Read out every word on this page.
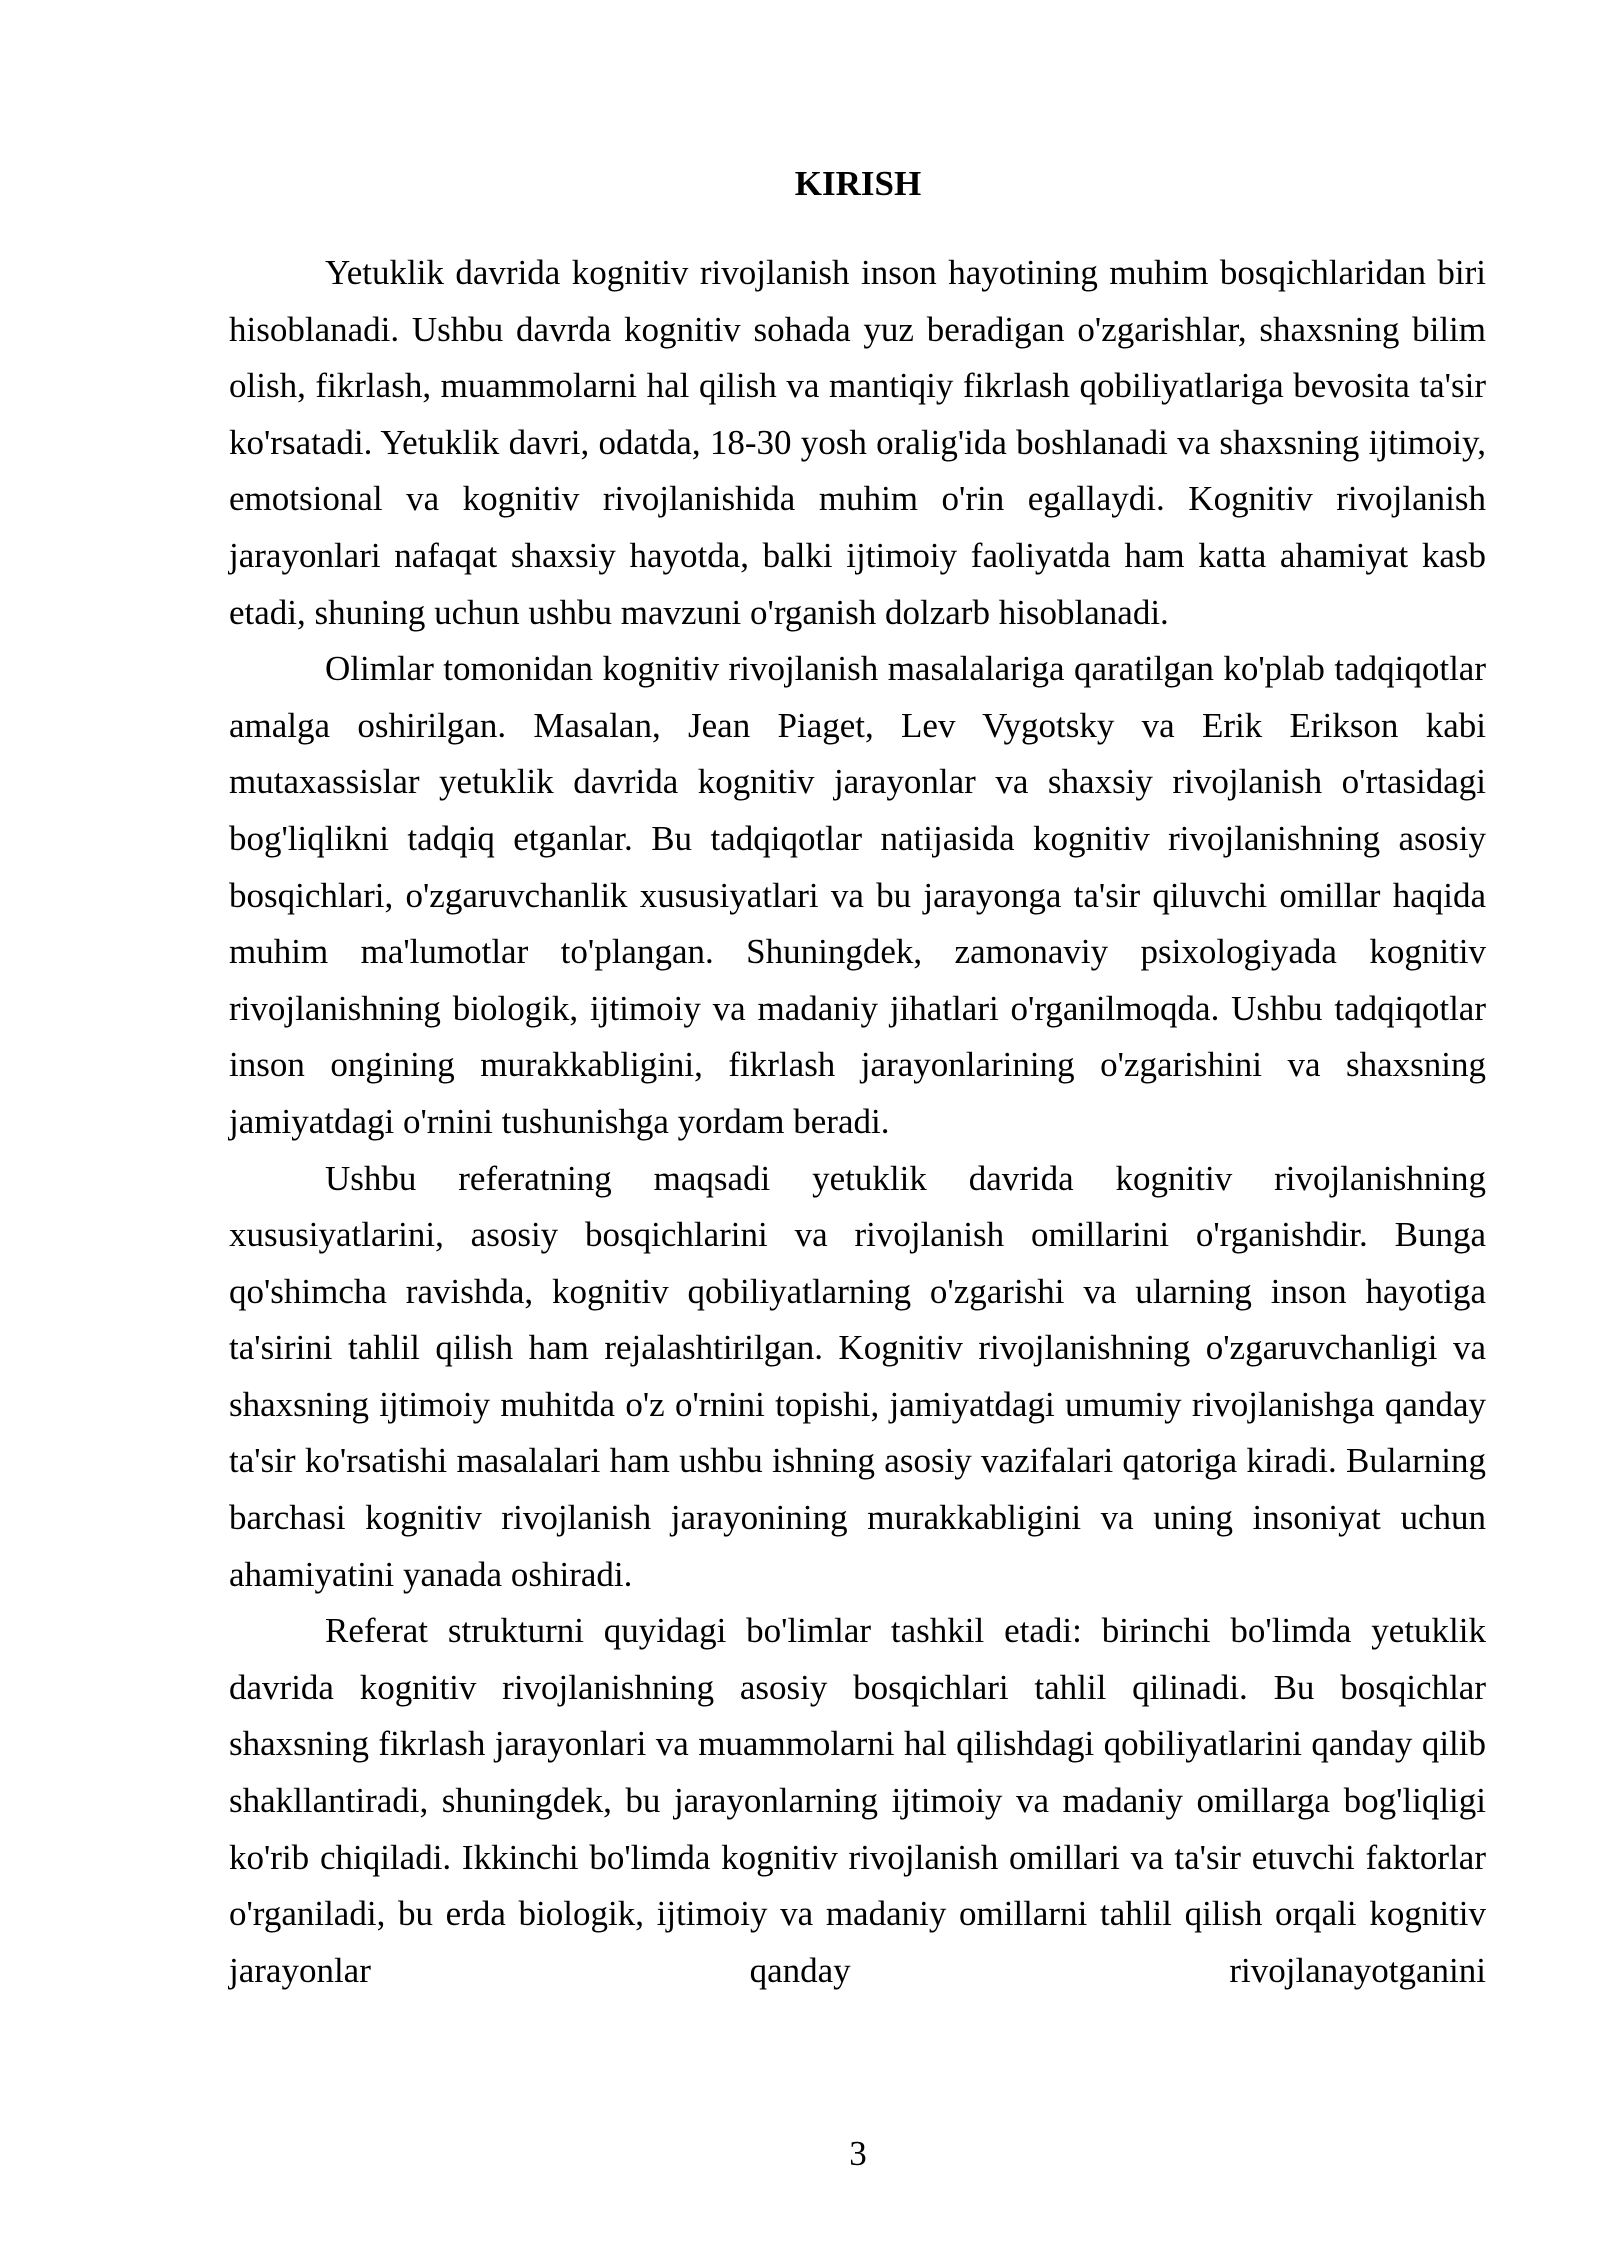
KIRISH

Yetuklik davrida kognitiv rivojlanish inson hayotining muhim bosqichlaridan biri hisoblanadi. Ushbu davrda kognitiv sohada yuz beradigan o'zgarishlar, shaxsning bilim olish, fikrlash, muammolarni hal qilish va mantiqiy fikrlash qobiliyatlariga bevosita ta'sir ko'rsatadi. Yetuklik davri, odatda, 18-30 yosh oralig'ida boshlanadi va shaxsning ijtimoiy, emotsional va kognitiv rivojlanishida muhim o'rin egallaydi. Kognitiv rivojlanish jarayonlari nafaqat shaxsiy hayotda, balki ijtimoiy faoliyatda ham katta ahamiyat kasb etadi, shuning uchun ushbu mavzuni o'rganish dolzarb hisoblanadi.

Olimlar tomonidan kognitiv rivojlanish masalalariga qaratilgan ko'plab tadqiqotlar amalga oshirilgan. Masalan, Jean Piaget, Lev Vygotsky va Erik Erikson kabi mutaxassislar yetuklik davrida kognitiv jarayonlar va shaxsiy rivojlanish o'rtasidagi bog'liqlikni tadqiq etganlar. Bu tadqiqotlar natijasida kognitiv rivojlanishning asosiy bosqichlari, o'zgaruvchanlik xususiyatlari va bu jarayonga ta'sir qiluvchi omillar haqida muhim ma'lumotlar to'plangan. Shuningdek, zamonaviy psixologiyada kognitiv rivojlanishning biologik, ijtimoiy va madaniy jihatlari o'rganilmoqda. Ushbu tadqiqotlar inson ongining murakkabligini, fikrlash jarayonlarining o'zgarishini va shaxsning jamiyatdagi o'rnini tushunishga yordam beradi.

Ushbu referatning maqsadi yetuklik davrida kognitiv rivojlanishning xususiyatlarini, asosiy bosqichlarini va rivojlanish omillarini o'rganishdir. Bunga qo'shimcha ravishda, kognitiv qobiliyatlarning o'zgarishi va ularning inson hayotiga ta'sirini tahlil qilish ham rejalashtirilgan. Kognitiv rivojlanishning o'zgaruvchanligi va shaxsning ijtimoiy muhitda o'z o'rnini topishi, jamiyatdagi umumiy rivojlanishga qanday ta'sir ko'rsatishi masalalari ham ushbu ishning asosiy vazifalari qatoriga kiradi. Bularning barchasi kognitiv rivojlanish jarayonining murakkabligini va uning insoniyat uchun ahamiyatini yanada oshiradi.

Referat strukturni quyidagi bo'limlar tashkil etadi: birinchi bo'limda yetuklik davrida kognitiv rivojlanishning asosiy bosqichlari tahlil qilinadi. Bu bosqichlar shaxsning fikrlash jarayonlari va muammolarni hal qilishdagi qobiliyatlarini qanday qilib shakllantiradi, shuningdek, bu jarayonlarning ijtimoiy va madaniy omillarga bog'liqligi ko'rib chiqiladi. Ikkinchi bo'limda kognitiv rivojlanish omillari va ta'sir etuvchi faktorlar o'rganiladi, bu erda biologik, ijtimoiy va madaniy omillarni tahlil qilish orqali kognitiv jarayonlar qanday rivojlanayotganini

3
